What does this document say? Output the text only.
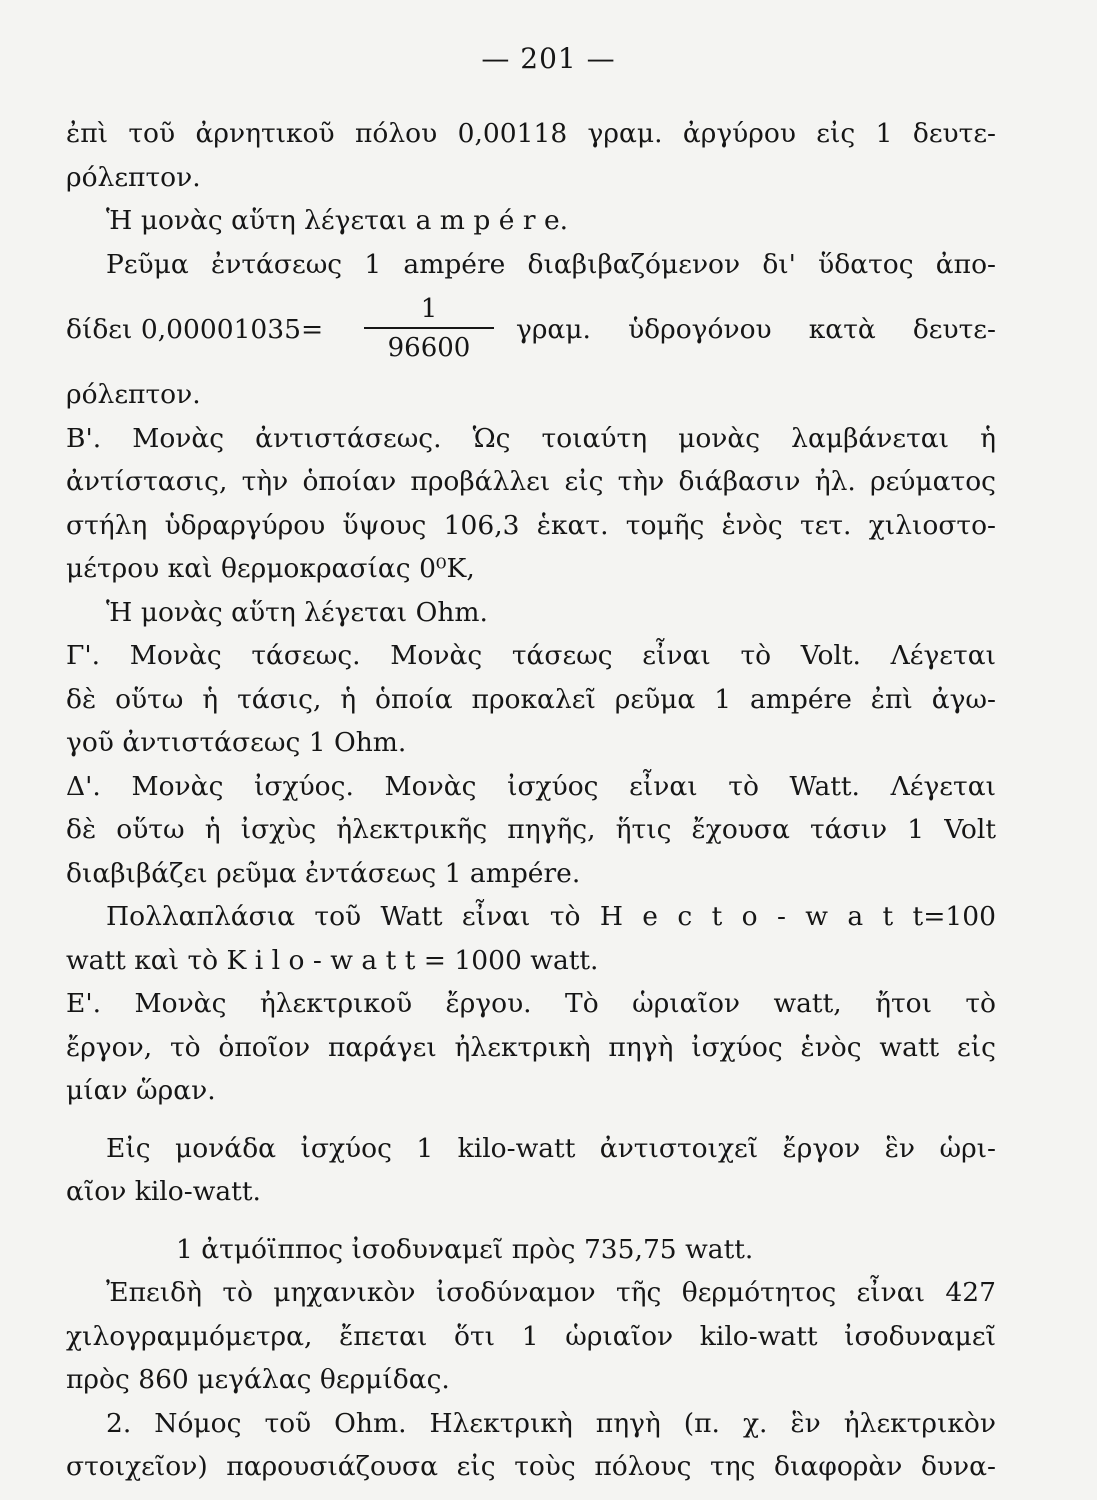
— 201 —
ἐπὶ τοῦ ἀρνητικοῦ πόλου 0,00118 γραμ. ἀργύρου εἰς 1 δευτε-
ρόλεπτον.
Ἡ μονὰς αὕτη λέγεται a m p é r e.
Ρεῦμα ἐντάσεως 1 ampére διαβιβαζόμενον δι' ὕδατος ἀπο-
δίδει 0,00001035=
1
96600
γραμ. ὑδρογόνου κατὰ δευτε-
ρόλεπτον.
Β'. Μονὰς ἀντιστάσεως. Ὡς τοιαύτη μονὰς λαμβάνεται ἡ
ἀντίστασις, τὴν ὁποίαν προβάλλει εἰς τὴν διάβασιν ἠλ. ρεύματος
στήλη ὑδραργύρου ὕψους 106,3 ἑκατ. τομῆς ἑνὸς τετ. χιλιοστο-
μέτρου καὶ θερμοκρασίας 0⁰Κ,
Ἡ μονὰς αὕτη λέγεται Ohm.
Γ'. Μονὰς τάσεως. Μονὰς τάσεως εἶναι τὸ Volt. Λέγεται
δὲ οὕτω ἡ τάσις, ἡ ὁποία προκαλεῖ ρεῦμα 1 ampére ἐπὶ ἀγω-
γοῦ ἀντιστάσεως 1 Ohm.
Δ'. Μονὰς ἰσχύος. Μονὰς ἰσχύος εἶναι τὸ Watt. Λέγεται
δὲ οὕτω ἡ ἰσχὺς ἠλεκτρικῆς πηγῆς, ἥτις ἔχουσα τάσιν 1 Volt
διαβιβάζει ρεῦμα ἐντάσεως 1 ampére.
Πολλαπλάσια τοῦ Watt εἶναι τὸ H e c t o - w a t t=100
watt καὶ τὸ K i l o - w a t t = 1000 watt.
Ε'. Μονὰς ἠλεκτρικοῦ ἔργου. Τὸ ὡριαῖον watt, ἤτοι τὸ
ἔργον, τὸ ὁποῖον παράγει ἠλεκτρικὴ πηγὴ ἰσχύος ἑνὸς watt εἰς
μίαν ὥραν.
Εἰς μονάδα ἰσχύος 1 kilo-watt ἀντιστοιχεῖ ἔργον ἓν ὡρι-
αῖον kilo-watt.
1 ἀτμόϊππος ἰσοδυναμεῖ πρὸς 735,75 watt.
Ἐπειδὴ τὸ μηχανικὸν ἰσοδύναμον τῆς θερμότητος εἶναι 427
χιλογραμμόμετρα, ἔπεται ὅτι 1 ὡριαῖον kilo-watt ἰσοδυναμεῖ
πρὸς 860 μεγάλας θερμίδας.
2. Νόμος τοῦ Ohm. Ηλεκτρικὴ πηγὴ (π. χ. ἓν ἠλεκτρικὸν
στοιχεῖον) παρουσιάζουσα εἰς τοὺς πόλους της διαφορὰν δυνα-
